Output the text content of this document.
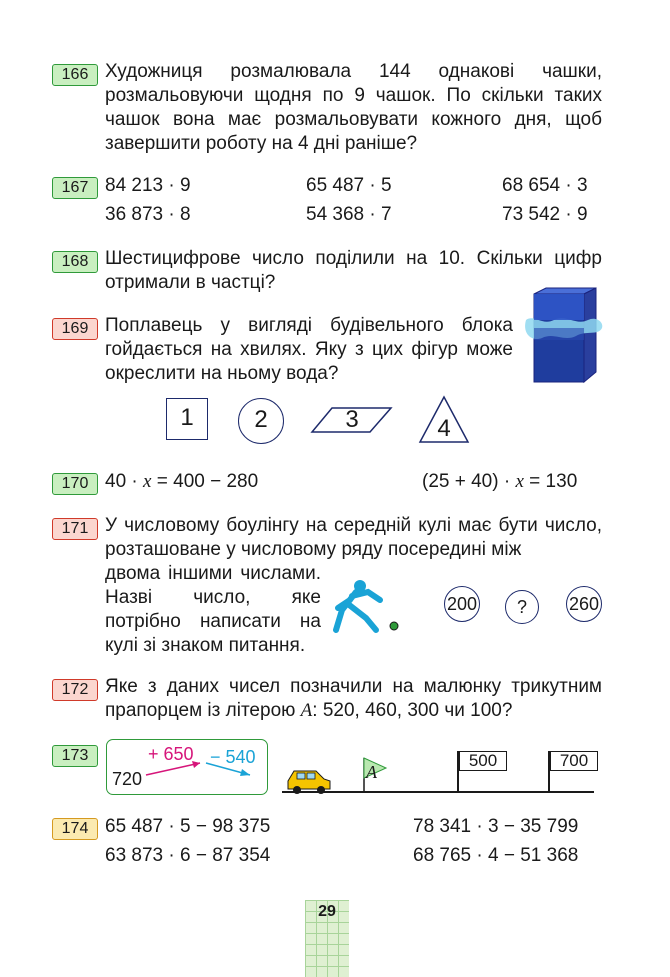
166 Художниця розмалювала 144 однакові чашки, розмальовуючи щодня по 9 чашок. По скільки таких чашок вона має розмальовувати кожного дня, щоб завершити роботу на 4 дні раніше?
167 84 213 · 9	65 487 · 5	68 654 · 3
36 873 · 8	54 368 · 7	73 542 · 9
168 Шестицифрове число поділили на 10. Скільки цифр отримали в частці?
169 Поплавець у вигляді будівельного блока гойдається на хвилях. Яку з цих фігур може окреслити на ньому вода?
1	2	3	4
170 40 · x = 400 − 280	(25 + 40) · x = 130
171 У числовому боулінгу на середній кулі має бути число, розташоване у числовому ряду посередині між
двома іншими числами. Назві число, яке потрібно написати на кулі зі знаком питання.
200	?	260
172 Яке з даних чисел позначили на малюнку трикутним прапорцем із літерою А: 520, 460, 300 чи 100?
173
720
+ 650 − 540
А
500	700
174 65 487 · 5 − 98 375	78 341 · 3 − 35 799
63 873 · 6 − 87 354	68 765 · 4 − 51 368
29
